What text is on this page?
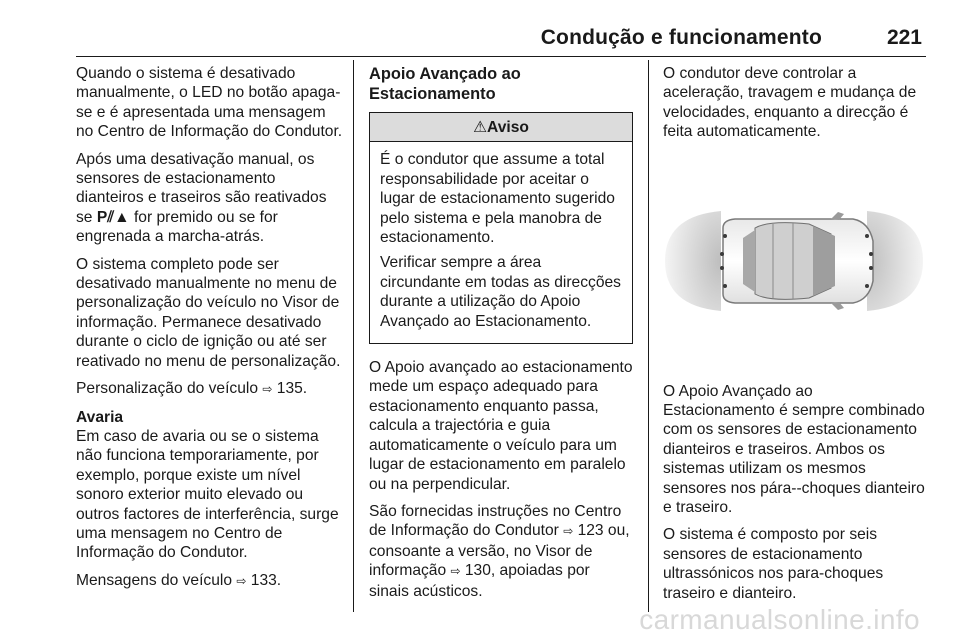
Condução e funcionamento	221

Quando o sistema é desativado manualmente, o LED no botão apaga-se e é apresentada uma mensagem no Centro de Informação do Condutor.

Após uma desativação manual, os sensores de estacionamento dianteiros e traseiros são reativados se P⫽▲ for premido ou se for engrenada a marcha-atrás.

O sistema completo pode ser desativado manualmente no menu de personalização do veículo no Visor de informação. Permanece desativado durante o ciclo de ignição ou até ser reativado no menu de personalização.

Personalização do veículo ⇨ 135.

Avaria

Em caso de avaria ou se o sistema não funciona temporariamente, por exemplo, porque existe um nível sonoro exterior muito elevado ou outros factores de interferência, surge uma mensagem no Centro de Informação do Condutor.

Mensagens do veículo ⇨ 133.

Apoio Avançado ao Estacionamento

⚠Aviso

É o condutor que assume a total responsabilidade por aceitar o lugar de estacionamento sugerido pelo sistema e pela manobra de estacionamento.

Verificar sempre a área circundante em todas as direcções durante a utilização do Apoio Avançado ao Estacionamento.

O Apoio avançado ao estacionamento mede um espaço adequado para estacionamento enquanto passa, calcula a trajectória e guia automaticamente o veículo para um lugar de estacionamento em paralelo ou na perpendicular.

São fornecidas instruções no Centro de Informação do Condutor ⇨ 123 ou, consoante a versão, no Visor de informação ⇨ 130, apoiadas por sinais acústicos.

O condutor deve controlar a aceleração, travagem e mudança de velocidades, enquanto a direcção é feita automaticamente.

O Apoio Avançado ao Estacionamento é sempre combinado com os sensores de estacionamento dianteiros e traseiros. Ambos os sistemas utilizam os mesmos sensores nos pára--choques dianteiro e traseiro.

O sistema é composto por seis sensores de estacionamento ultrassónicos nos para-choques traseiro e dianteiro.

carmanualsonline.info
